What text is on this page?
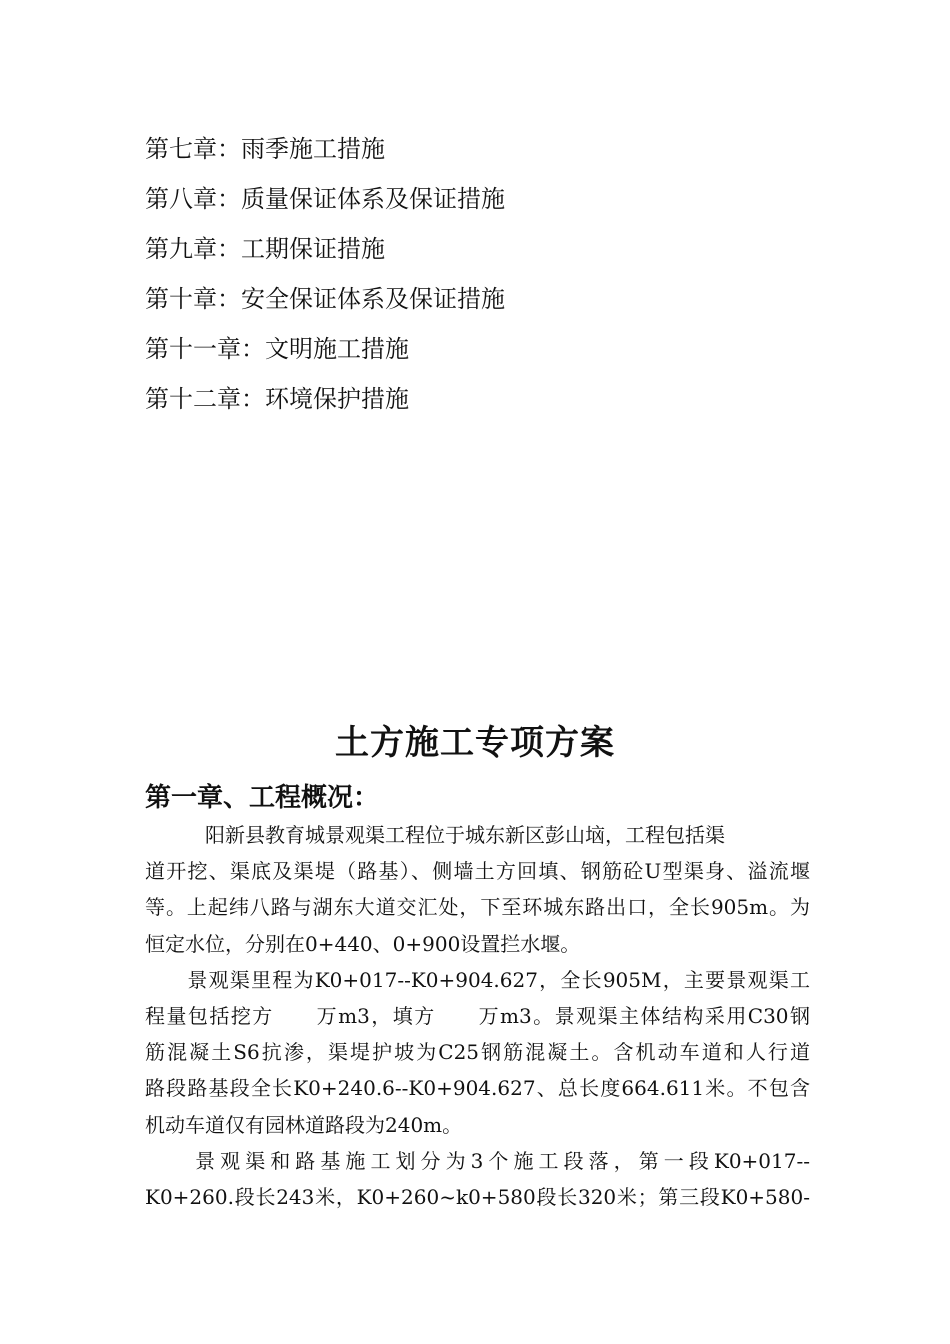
第七章：雨季施工措施
第八章：质量保证体系及保证措施
第九章：工期保证措施
第十章：安全保证体系及保证措施
第十一章：文明施工措施
第十二章：环境保护措施
土方施工专项方案
第一章、工程概况：
　　　阳新县教育城景观渠工程位于城东新区彭山垴，工程包括渠
道开挖、渠底及渠堤（路基）、侧墙土方回填、钢筋砼U型渠身、溢流堰
等。上起纬八路与湖东大道交汇处，下至环城东路出口，全长905m。为
恒定水位，分别在0+440、0+900设置拦水堰。
　　景观渠里程为K0+017--K0+904.627，全长905M，主要景观渠工
程量包括挖方　　万m3，填方　　万m3。景观渠主体结构采用C30钢
筋混凝土S6抗渗，渠堤护坡为C25钢筋混凝土。含机动车道和人行道
路段路基段全长K0+240.6--K0+904.627、总长度664.611米。不包含
机动车道仅有园林道路段为240m。
　　景观渠和路基施工划分为3个施工段落，第一段K0+017--
K0+260.段长243米，K0+260~k0+580段长320米；第三段K0+580-
